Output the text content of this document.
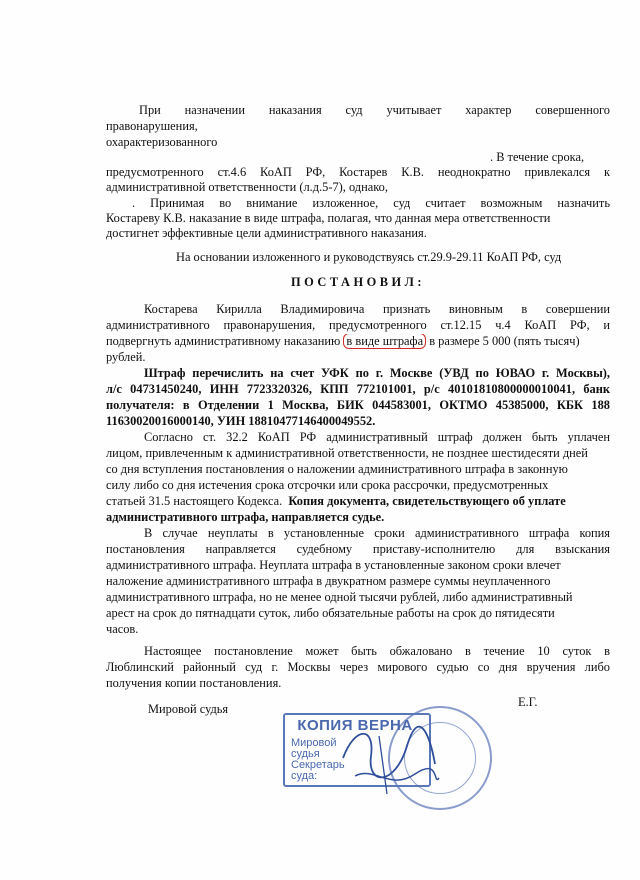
При назначении наказания суд учитывает характер совершенного
правонарушения,
охарактеризованного
. В течение срока,
предусмотренного ст.4.6 КоАП РФ, Костарев К.В. неоднократно привлекался к
административной ответственности (л.д.5-7), однако,
. Принимая во внимание изложенное, суд считает возможным назначить
Костареву К.В. наказание в виде штрафа, полагая, что данная мера ответственности
достигнет эффективные цели административного наказания.
На основании изложенного и руководствуясь ст.29.9-29.11 КоАП РФ, суд
ПОСТАНОВИЛ:
Костарева Кирилла Владимировича признать виновным в совершении
административного правонарушения, предусмотренного ст.12.15 ч.4 КоАП РФ, и
подвергнуть административному наказанию в виде штрафа в размере 5 000 (пять тысяч)
рублей.
Штраф перечислить на счет УФК по г. Москве (УВД по ЮВАО г. Москвы),
л/с 04731450240, ИНН 7723320326, КПП 772101001, р/с 40101810800000010041, банк
получателя: в Отделении 1 Москва, БИК 044583001, ОКТМО 45385000, КБК 188
11630020016000140, УИН 18810477146400049552.
Согласно ст. 32.2 КоАП РФ административный штраф должен быть уплачен
лицом, привлеченным к административной ответственности, не позднее шестидесяти дней
со дня вступления постановления о наложении административного штрафа в законную
силу либо со дня истечения срока отсрочки или срока рассрочки, предусмотренных
статьей 31.5 настоящего Кодекса. Копия документа, свидетельствующего об уплате
административного штрафа, направляется судье.
В случае неуплаты в установленные сроки административного штрафа копия
постановления направляется судебному приставу-исполнителю для взыскания
административного штрафа. Неуплата штрафа в установленные законом сроки влечет
наложение административного штрафа в двукратном размере суммы неуплаченного
административного штрафа, но не менее одной тысячи рублей, либо административный
арест на срок до пятнадцати суток, либо обязательные работы на срок до пятидесяти
часов.
Настоящее постановление может быть обжаловано в течение 10 суток в
Люблинский районный суд г. Москвы через мирового судью со дня вручения либо
получения копии постановления.
Мировой судья	Е.Г.
КОПИЯ ВЕРНА
Мировой
судья
Секретарь
суда:
